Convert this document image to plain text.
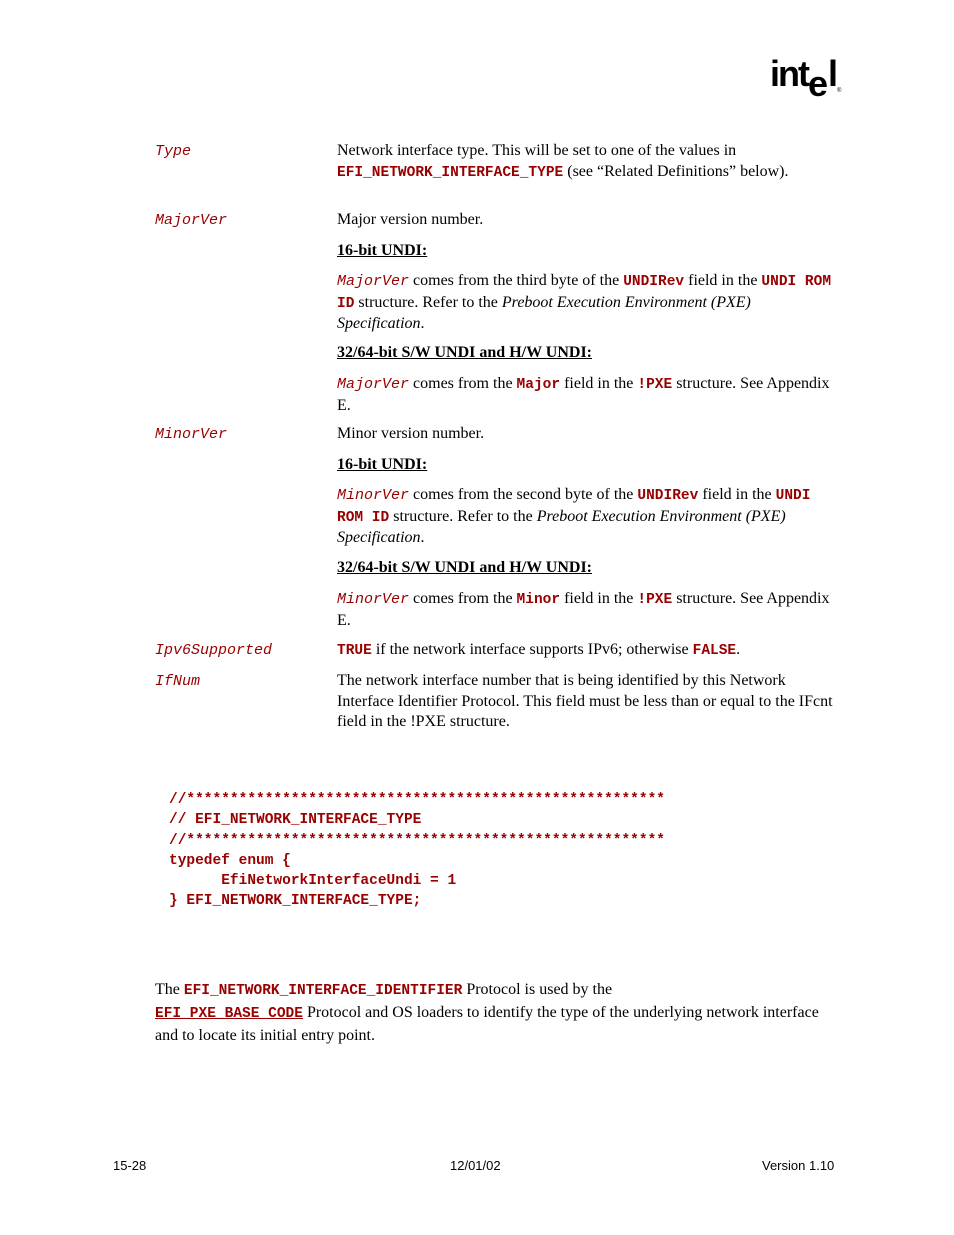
int e l
®
Type	Network interface type. This will be set to one of the values in
EFI_NETWORK_INTERFACE_TYPE (see “Related Definitions” below).
MajorVer	Major version number.
16-bit UNDI:
MajorVer comes from the third byte of the UNDIRev field in the UNDI ROM ID structure. Refer to the Preboot Execution Environment (PXE) Specification.
32/64-bit S/W UNDI and H/W UNDI:
MajorVer comes from the Major field in the !PXE structure. See Appendix E.
MinorVer	Minor version number.
16-bit UNDI:
MinorVer comes from the second byte of the UNDIRev field in the UNDI ROM ID structure. Refer to the Preboot Execution Environment (PXE) Specification.
32/64-bit S/W UNDI and H/W UNDI:
MinorVer comes from the Minor field in the !PXE structure. See Appendix E.
Ipv6Supported	TRUE if the network interface supports IPv6; otherwise FALSE.
IfNum	The network interface number that is being identified by this Network Interface Identifier Protocol. This field must be less than or equal to the IFcnt field in the !PXE structure.
//*******************************************************
// EFI_NETWORK_INTERFACE_TYPE
//*******************************************************
typedef enum {
EfiNetworkInterfaceUndi = 1
} EFI_NETWORK_INTERFACE_TYPE;
The EFI_NETWORK_INTERFACE_IDENTIFIER Protocol is used by the
EFI_PXE_BASE_CODE Protocol and OS loaders to identify the type of the underlying network interface and to locate its initial entry point.
15-28	12/01/02	Version 1.10
